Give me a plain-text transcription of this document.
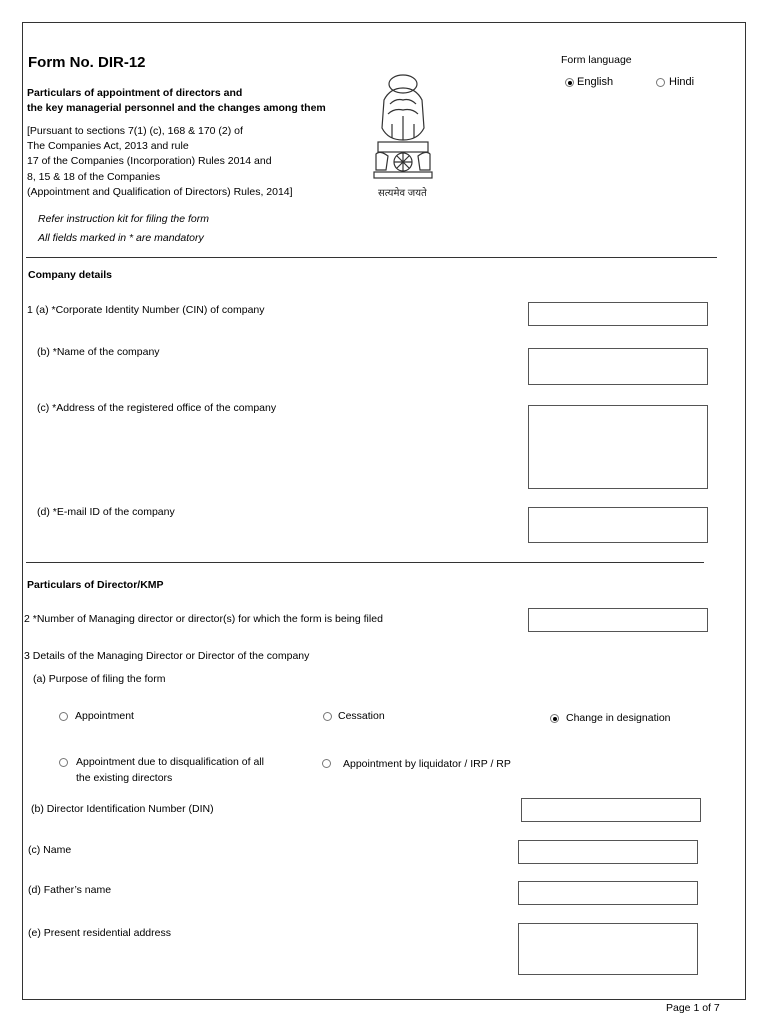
Form No. DIR-12
Particulars of appointment of directors and
the key managerial personnel and the changes among them
[Pursuant to sections 7(1) (c), 168 & 170 (2) of
The Companies Act, 2013 and rule
17 of the Companies (Incorporation) Rules 2014 and
8, 15 & 18 of the Companies
(Appointment and Qualification of Directors) Rules, 2014]	सत्यमेव जयते
Form language
English	Hindi
Refer instruction kit for filing the form
All fields marked in * are mandatory
Company details
1 (a) *Corporate Identity Number (CIN) of company
(b) *Name of the company
(c) *Address of the registered office of the company
(d) *E-mail ID of the company
Particulars of Director/KMP
2 *Number of Managing director or director(s) for which the form is being filed
3 Details of the Managing Director or Director of the company
(a) Purpose of filing the form
Appointment	Cessation	Change in designation
Appointment due to disqualification of all
the existing directors
Appointment by liquidator / IRP / RP
(b) Director Identification Number (DIN)
(c) Name
(d) Father’s name
(e) Present residential address
Page 1 of 7
